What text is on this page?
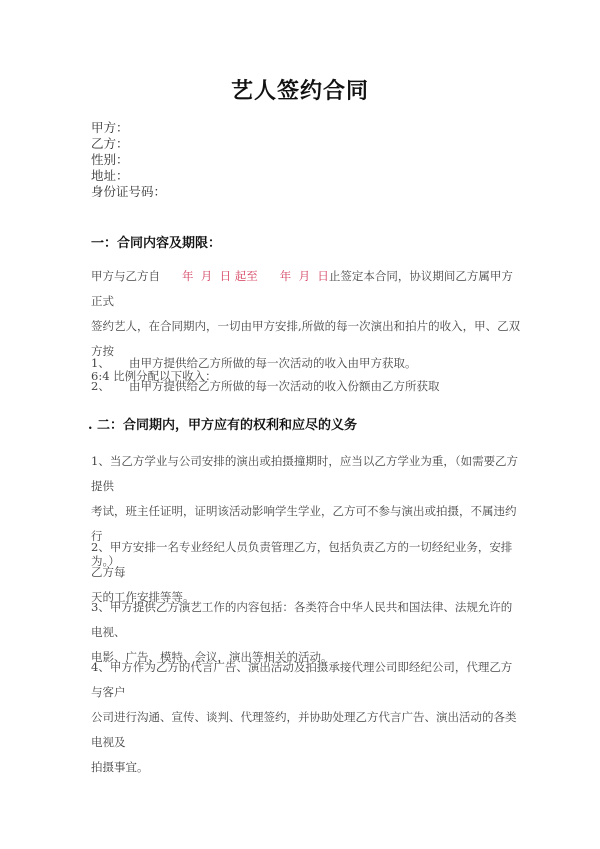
艺人签约合同
甲方：
乙方：
性别：
地址：
身份证号码：
一：合同内容及期限：
甲方与乙方自 年  月  日 起至 年  月  日止签定本合同，协议期间乙方属甲方正式
签约艺人，在合同期内，一切由甲方安排,所做的每一次演出和拍片的收入，甲、乙双方按
6:4 比例分配以下收入：
1、 由甲方提供给乙方所做的每一次活动的收入由甲方获取。
2、 由甲方提供给乙方所做的每一次活动的收入份额由乙方所获取
. 二：合同期内，甲方应有的权利和应尽的义务
1、当乙方学业与公司安排的演出或拍摄撞期时，应当以乙方学业为重，（如需要乙方提供
考试，班主任证明，证明该活动影响学生学业，乙方可不参与演出或拍摄，不属违约行
为。）
2、甲方安排一名专业经纪人员负责管理乙方，包括负责乙方的一切经纪业务，安排乙方每
天的工作安排等等。
3、甲方提供乙方演艺工作的内容包括：各类符合中华人民共和国法律、法规允许的电视、
电影、广告、模特、会议，演出等相关的活动。
4、甲方作为乙方的代言广告、演出活动及拍摄承接代理公司即经纪公司，代理乙方与客户
公司进行沟通、宣传、谈判、代理签约，并协助处理乙方代言广告、演出活动的各类电视及
拍摄事宜。
